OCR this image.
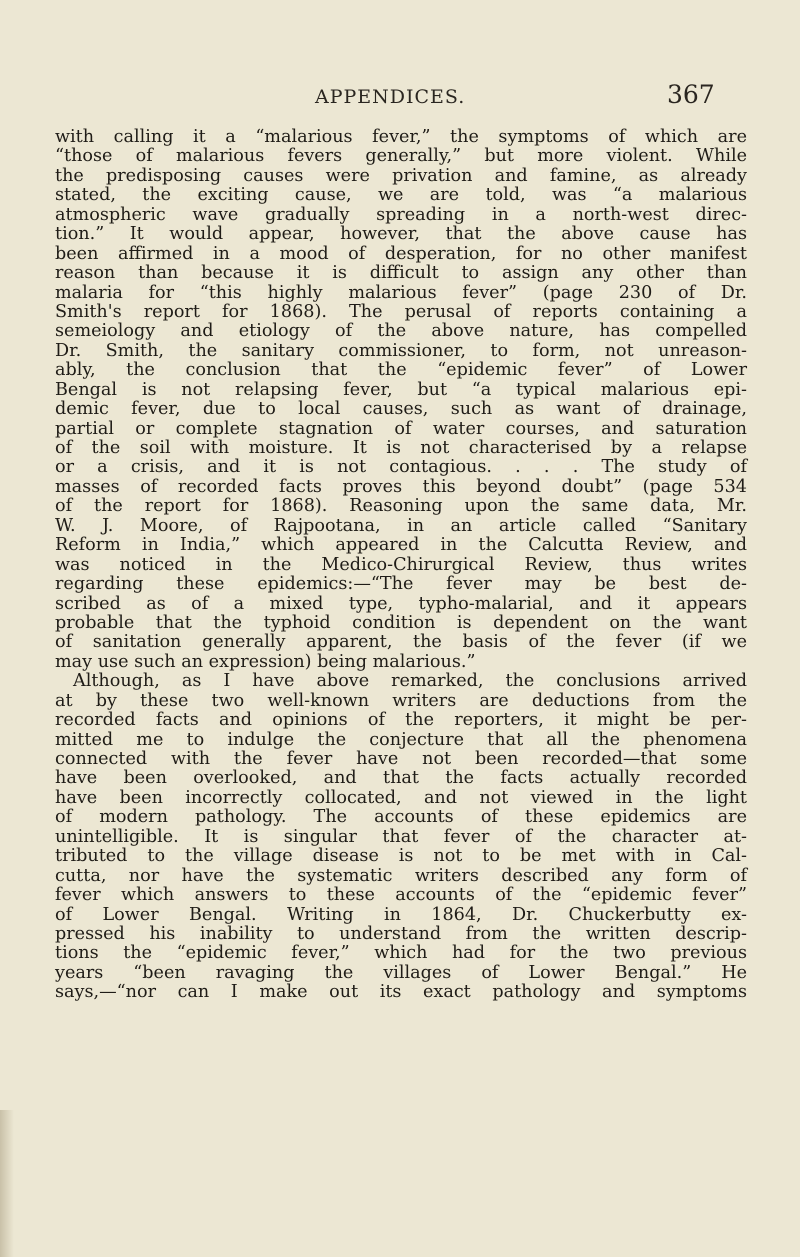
APPENDICES.	367
with calling it a “malarious fever,” the symptoms of which are
“those of malarious fevers generally,” but more violent. While
the predisposing causes were privation and famine, as already
stated, the exciting cause, we are told, was “a malarious
atmospheric wave gradually spreading in a north-west direc-
tion.” It would appear, however, that the above cause has
been affirmed in a mood of desperation, for no other manifest
reason than because it is difficult to assign any other than
malaria for “this highly malarious fever” (page 230 of Dr.
Smith's report for 1868). The perusal of reports containing a
semeiology and etiology of the above nature, has compelled
Dr. Smith, the sanitary commissioner, to form, not unreason-
ably, the conclusion that the “epidemic fever” of Lower
Bengal is not relapsing fever, but “a typical malarious epi-
demic fever, due to local causes, such as want of drainage,
partial or complete stagnation of water courses, and saturation
of the soil with moisture. It is not characterised by a relapse
or a crisis, and it is not contagious. . . . The study of
masses of recorded facts proves this beyond doubt” (page 534
of the report for 1868). Reasoning upon the same data, Mr.
W. J. Moore, of Rajpootana, in an article called “Sanitary
Reform in India,” which appeared in the Calcutta Review, and
was noticed in the Medico-Chirurgical Review, thus writes
regarding these epidemics:—“The fever may be best de-
scribed as of a mixed type, typho-malarial, and it appears
probable that the typhoid condition is dependent on the want
of sanitation generally apparent, the basis of the fever (if we
may use such an expression) being malarious.”
Although, as I have above remarked, the conclusions arrived
at by these two well-known writers are deductions from the
recorded facts and opinions of the reporters, it might be per-
mitted me to indulge the conjecture that all the phenomena
connected with the fever have not been recorded—that some
have been overlooked, and that the facts actually recorded
have been incorrectly collocated, and not viewed in the light
of modern pathology. The accounts of these epidemics are
unintelligible. It is singular that fever of the character at-
tributed to the village disease is not to be met with in Cal-
cutta, nor have the systematic writers described any form of
fever which answers to these accounts of the “epidemic fever”
of Lower Bengal. Writing in 1864, Dr. Chuckerbutty ex-
pressed his inability to understand from the written descrip-
tions the “epidemic fever,” which had for the two previous
years “been ravaging the villages of Lower Bengal.” He
says,—“nor can I make out its exact pathology and symptoms
